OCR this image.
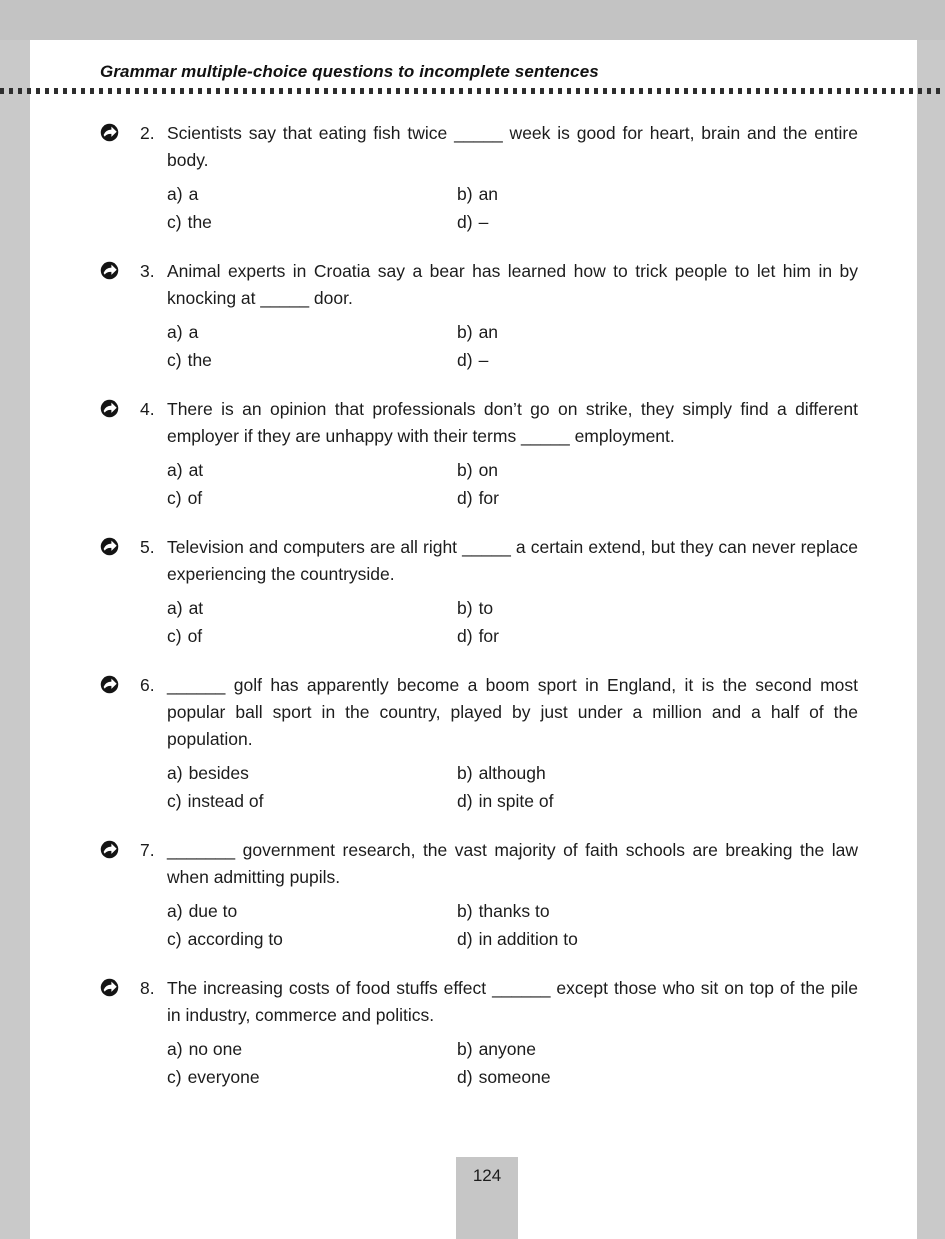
Grammar multiple-choice questions to incomplete sentences
2. Scientists say that eating fish twice _____ week is good for heart, brain and the entire body.
a) a	b) an
c) the	d) –
3. Animal experts in Croatia say a bear has learned how to trick people to let him in by knocking at _____ door.
a) a	b) an
c) the	d) –
4. There is an opinion that professionals don’t go on strike, they simply find a different employer if they are unhappy with their terms _____ employment.
a) at	b) on
c) of	d) for
5. Television and computers are all right _____ a certain extend, but they can never replace experiencing the countryside.
a) at	b) to
c) of	d) for
6. ______ golf has apparently become a boom sport in England, it is the second most popular ball sport in the country, played by just under a million and a half of the population.
a) besides	b) although
c) instead of	d) in spite of
7. _______ government research, the vast majority of faith schools are breaking the law when admitting pupils.
a) due to	b) thanks to
c) according to	d) in addition to
8. The increasing costs of food stuffs effect ______ except those who sit on top of the pile in industry, commerce and politics.
a) no one	b) anyone
c) everyone	d) someone
124
